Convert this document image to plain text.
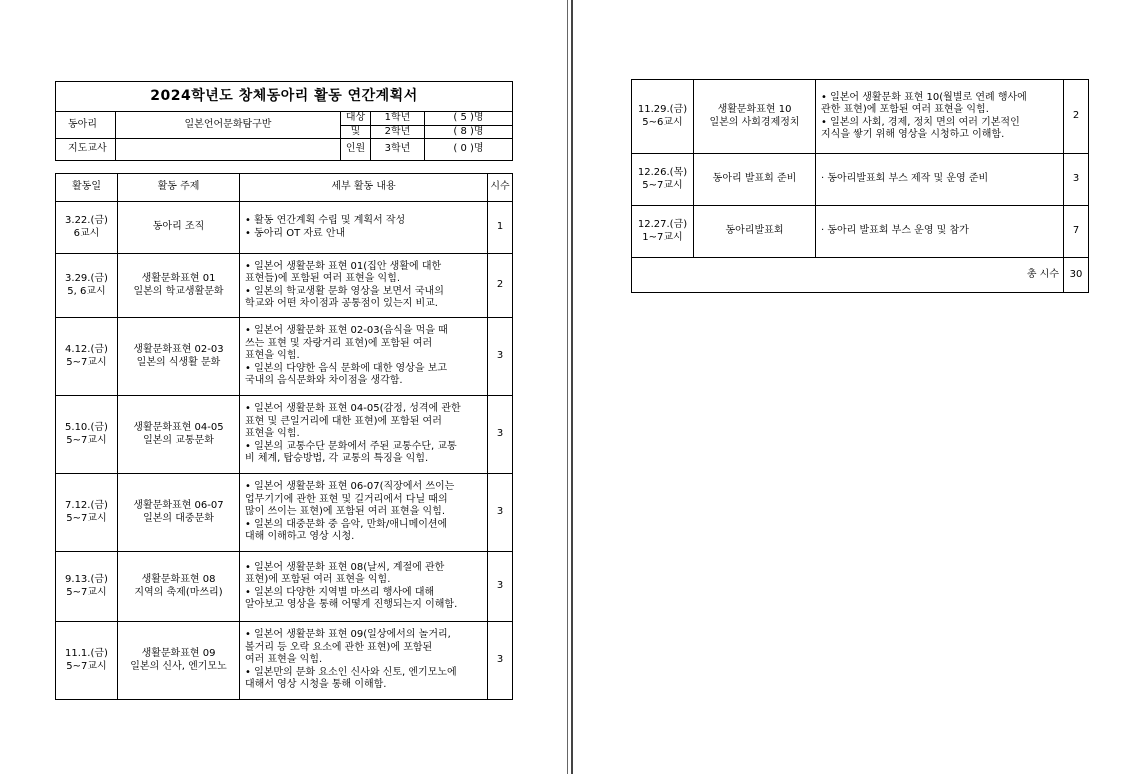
2024학년도 창체동아리 활동 연간계획서				
동아리	일본언어문화탐구반	대상	1학년	( 5 )명
		및	2학년	( 8 )명
지도교사		인원	3학년	( 0 )명
활동일	활동 주제	세부 활동 내용	시수

3.22.(금)
6교시	동아리 조직	• 활동 연간계획 수립 및 계획서 작성
• 동아리 OT 자료 안내	1

3.29.(금)
5, 6교시	생활문화표현 01
일본의 학교생활문화	• 일본어 생활문화 표현 01(집안 생활에 대한
표현들)에 포함된 여러 표현을 익힘.
• 일본의 학교생활 문화 영상을 보면서 국내의
학교와 어떤 차이점과 공통점이 있는지 비교.	2

4.12.(금)
5~7교시	생활문화표현 02-03
일본의 식생활 문화	• 일본어 생활문화 표현 02-03(음식을 먹을 때
쓰는 표현 및 자랑거리 표현)에 포함된 여러
표현을 익힘.
• 일본의 다양한 음식 문화에 대한 영상을 보고
국내의 음식문화와 차이점을 생각함.	3

5.10.(금)
5~7교시	생활문화표현 04-05
일본의 교통문화	• 일본어 생활문화 표현 04-05(감정, 성격에 관한
표현 및 큰일거리에 대한 표현)에 포함된 여러
표현을 익힘.
• 일본의 교통수단 문화에서 주된 교통수단, 교통
비 체계, 탑승방법, 각 교통의 특징을 익힘.	3

7.12.(금)
5~7교시	생활문화표현 06-07
일본의 대중문화	• 일본어 생활문화 표현 06-07(직장에서 쓰이는
업무기기에 관한 표현 및 길거리에서 다닐 때의
많이 쓰이는 표현)에 포함된 여러 표현을 익힘.
• 일본의 대중문화 중 음악, 만화/애니메이션에
대해 이해하고 영상 시청.	3

9.13.(금)
5~7교시	생활문화표현 08
지역의 축제(마쓰리)	• 일본어 생활문화 표현 08(날씨, 계절에 관한
표현)에 포함된 여러 표현을 익힘.
• 일본의 다양한 지역별 마쓰리 행사에 대해
알아보고 영상을 통해 어떻게 진행되는지 이해함.	3

11.1.(금)
5~7교시	생활문화표현 09
일본의 신사, 엔기모노	• 일본어 생활문화 표현 09(일상에서의 놀거리,
볼거리 등 오락 요소에 관한 표현)에 포함된
여러 표현을 익힘.
• 일본만의 문화 요소인 신사와 신토, 엔기모노에
대해서 영상 시청을 통해 이해함.	3
11.29.(금)
5~6교시	생활문화표현 10
일본의 사회경제정치	• 일본어 생활문화 표현 10(월별로 연례 행사에
관한 표현)에 포함된 여러 표현을 익힘.
• 일본의 사회, 경제, 정치 면의 여러 기본적인
지식을 쌓기 위해 영상을 시청하고 이해함.	2

12.26.(목)
5~7교시	동아리 발표회 준비	· 동아리발표회 부스 제작 및 운영 준비	3

12.27.(금)
1~7교시	동아리발표회	· 동아리 발표회 부스 운영 및 참가	7

총 시수			30
